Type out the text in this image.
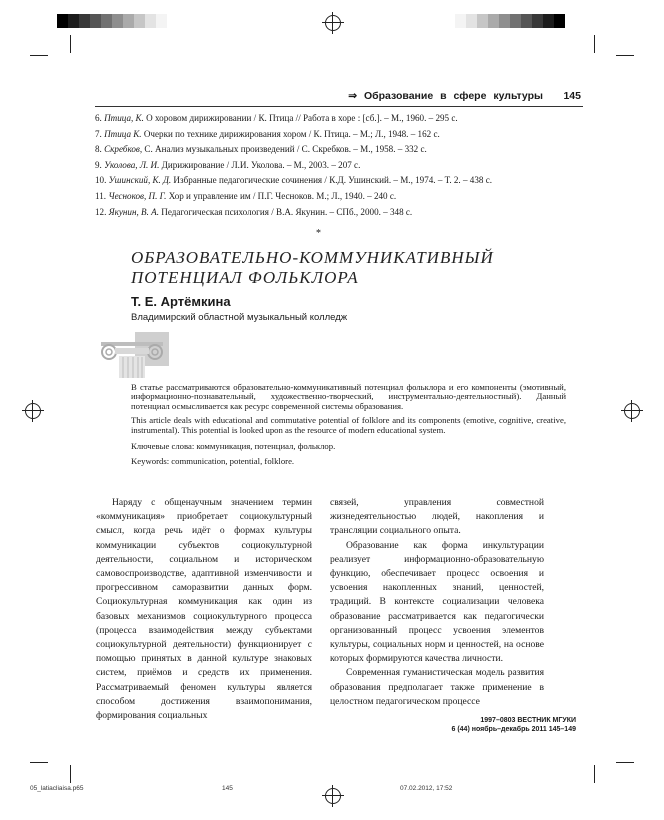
⇒ Образование в сфере культуры 145
6. Птица, К. О хоровом дирижировании / К. Птица // Работа в хоре : [сб.]. – М., 1960. – 295 с.
7. Птица К. Очерки по технике дирижирования хором / К. Птица. – М.; Л., 1948. – 162 с.
8. Скребков, С. Анализ музыкальных произведений / С. Скребков. – М., 1958. – 332 с.
9. Уколова, Л. И. Дирижирование / Л.И. Уколова. – М., 2003. – 207 с.
10. Ушинский, К. Д. Избранные педагогические сочинения / К.Д. Ушинский. – М., 1974. – Т. 2. – 438 с.
11. Чесноков, П. Г. Хор и управление им / П.Г. Чесноков. М.; Л., 1940. – 240 с.
12. Якунин, В. А. Педагогическая психология / В.А. Якунин. – СПб., 2000. – 348 с.
*
ОБРАЗОВАТЕЛЬНО-КОММУНИКАТИВНЫЙ
ПОТЕНЦИАЛ ФОЛЬКЛОРА
Т. Е. Артёмкина
Владимирский областной музыкальный колледж

В статье рассматриваются образовательно-коммуникативный потенциал фольклора и его компоненты (эмотивный, информационно-познавательный, художественно-творческий, инструментально-деятельностный). Данный потенциал осмысливается как ресурс современной системы образования.

This article deals with educational and commutative potential of folklore and its components (emotive, cognitive, creative, instrumental). This potential is looked upon as the resource of modern educational system.

Ключевые слова: коммуникация, потенциал, фольклор.

Keywords: communication, potential, folklore.

Наряду с общенаучным значением термин «коммуникация» приобретает социокультурный смысл, когда речь идёт о формах культуры коммуникации субъектов социокультурной деятельности, социальном и историческом самовоспроизводстве, адаптивной изменчивости и прогрессивном саморазвитии данных форм. Социокультурная коммуникация как один из базовых механизмов социокультурного процесса (процесса взаимодействия между субъектами социокультурной деятельности) функционирует с помощью принятых в данной культуре знаковых систем, приёмов и средств их применения. Рассматриваемый феномен культуры является способом достижения взаимопонимания, формирования социальных

связей, управления совместной жизнедеятельностью людей, накопления и трансляции социального опыта.

Образование как форма инкультурации реализует информационно-образовательную функцию, обеспечивает процесс освоения и усвоения накопленных знаний, ценностей, традиций. В контексте социализации человека образование рассматривается как педагогически организованный процесс усвоения элементов культуры, социальных норм и ценностей, на основе которых формируются качества личности.

Современная гуманистическая модель развития образования предполагает также применение в целостном педагогическом процессе

1997–0803 ВЕСТНИК МГУКИ
6 (44) ноябрь–декабрь 2011 145–149
05_latiacliaisa.p65	145	07.02.2012, 17:52
